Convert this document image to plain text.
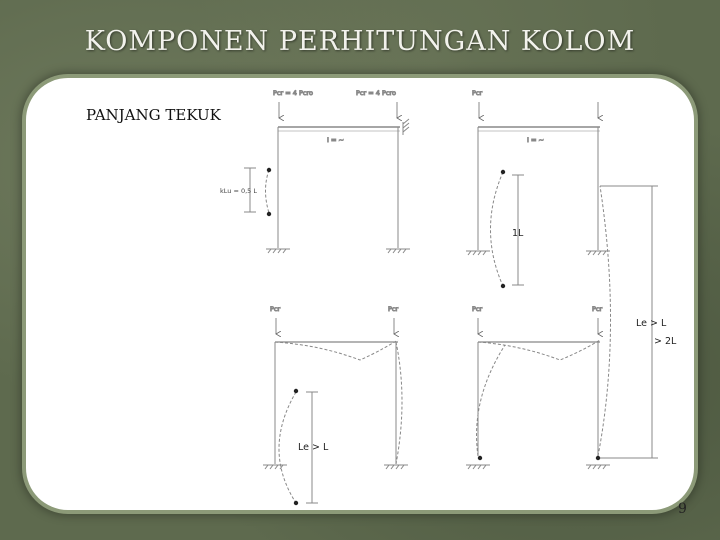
KOMPONEN PERHITUNGAN KOLOM
PANJANG TEKUK
Pcr = 4 Pcro	Pcr = 4 Pcro
I = ~
kLu = 0,5 L
Pcr
I = ~
1L
Pcr	Pcr
Le > L
Pcr	Pcr
Le > L
> 2L
9
